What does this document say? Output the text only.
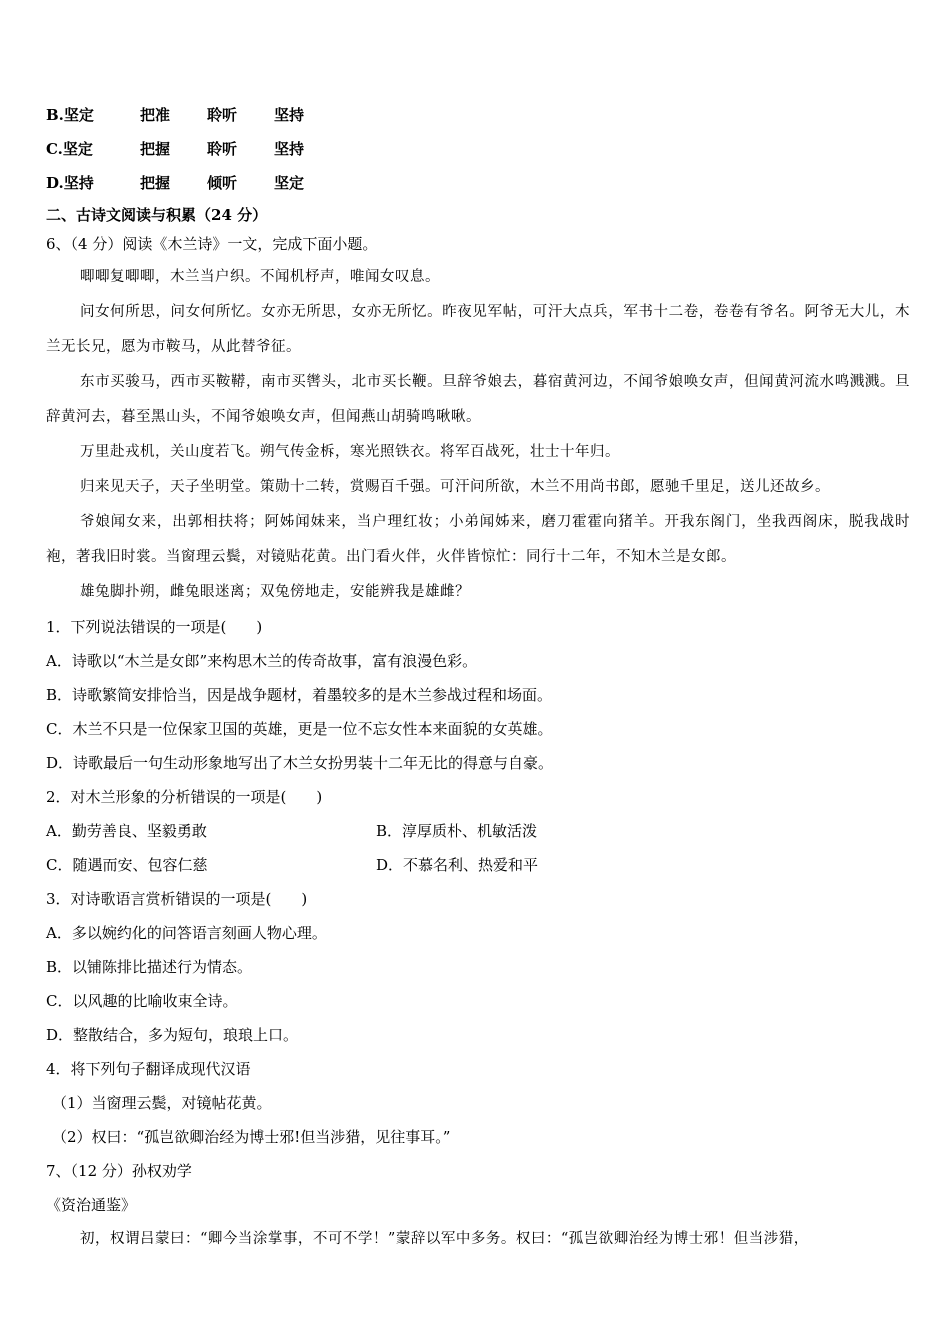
B.坚定	把准 聆听 坚持
C.坚定	把握 聆听 坚持
D.坚持	把握 倾听 坚定
二、古诗文阅读与积累（24 分）
6、（4 分）阅读《木兰诗》一文，完成下面小题。
唧唧复唧唧，木兰当户织。不闻机杼声，唯闻女叹息。
问女何所思，问女何所忆。女亦无所思，女亦无所忆。昨夜见军帖，可汗大点兵，军书十二卷，卷卷有爷名。阿爷无大儿，木兰无长兄，愿为市鞍马，从此替爷征。
东市买骏马，西市买鞍鞯，南市买辔头，北市买长鞭。旦辞爷娘去，暮宿黄河边，不闻爷娘唤女声，但闻黄河流水鸣溅溅。旦辞黄河去，暮至黑山头，不闻爷娘唤女声，但闻燕山胡骑鸣啾啾。
万里赴戎机，关山度若飞。朔气传金柝，寒光照铁衣。将军百战死，壮士十年归。
归来见天子，天子坐明堂。策勋十二转，赏赐百千强。可汗问所欲，木兰不用尚书郎，愿驰千里足，送儿还故乡。
爷娘闻女来，出郭相扶将；阿姊闻妹来，当户理红妆；小弟闻姊来，磨刀霍霍向猪羊。开我东阁门，坐我西阁床，脱我战时袍，著我旧时裳。当窗理云鬓，对镜贴花黄。出门看火伴，火伴皆惊忙：同行十二年，不知木兰是女郎。
雄兔脚扑朔，雌兔眼迷离；双兔傍地走，安能辨我是雄雌？
1．下列说法错误的一项是(　　)
A．诗歌以“木兰是女郎”来构思木兰的传奇故事，富有浪漫色彩。
B．诗歌繁简安排恰当，因是战争题材，着墨较多的是木兰参战过程和场面。
C．木兰不只是一位保家卫国的英雄，更是一位不忘女性本来面貌的女英雄。
D．诗歌最后一句生动形象地写出了木兰女扮男装十二年无比的得意与自豪。
2．对木兰形象的分析错误的一项是(　　)
A．勤劳善良、坚毅勇敢	B．淳厚质朴、机敏活泼
C．随遇而安、包容仁慈	D．不慕名利、热爱和平
3．对诗歌语言赏析错误的一项是(　　)
A．多以婉约化的问答语言刻画人物心理。
B．以铺陈排比描述行为情态。
C．以风趣的比喻收束全诗。
D．整散结合，多为短句，琅琅上口。
4．将下列句子翻译成现代汉语
（1）当窗理云鬓，对镜帖花黄。
（2）权曰：“孤岂欲卿治经为博士邪!但当涉猎，见往事耳。”
7、（12 分）孙权劝学
《资治通鉴》
初，权谓吕蒙曰：“卿今当涂掌事，不可不学！”蒙辞以军中多务。权曰：“孤岂欲卿治经为博士邪！但当涉猎，
